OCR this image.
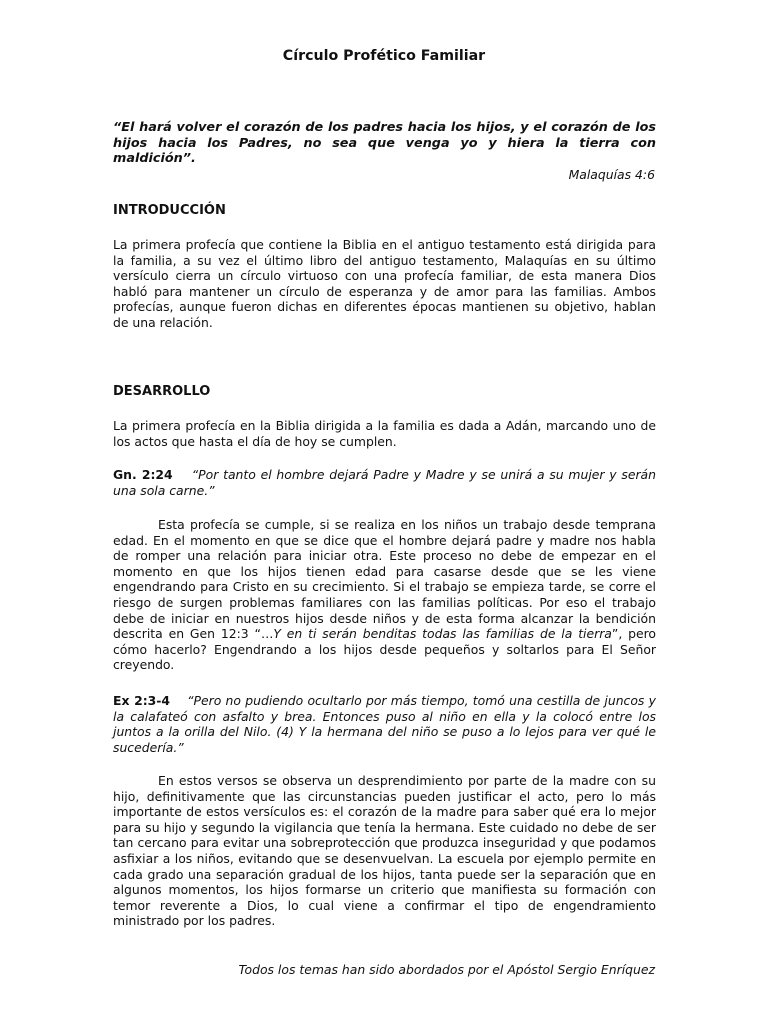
Círculo Profético Familiar
“El hará volver el corazón de los padres hacia los hijos, y el corazón de los hijos hacia los Padres, no sea que venga yo y hiera la tierra con maldición”.
Malaquías 4:6
INTRODUCCIÓN

La primera profecía que contiene la Biblia en el antiguo testamento está dirigida para la familia, a su vez el último libro del antiguo testamento, Malaquías en su último versículo cierra un círculo virtuoso con una profecía familiar, de esta manera Dios habló para mantener un círculo de esperanza y de amor para las familias. Ambos profecías, aunque fueron dichas en diferentes épocas mantienen su objetivo, hablan de una relación.

DESARROLLO

La primera profecía en la Biblia dirigida a la familia es dada a Adán, marcando uno de los actos que hasta el día de hoy se cumplen.

Gn. 2:24 “Por tanto el hombre dejará Padre y Madre y se unirá a su mujer y serán una sola carne.”

Esta profecía se cumple, si se realiza en los niños un trabajo desde temprana edad. En el momento en que se dice que el hombre dejará padre y madre nos habla de romper una relación para iniciar otra. Este proceso no debe de empezar en el momento en que los hijos tienen edad para casarse desde que se les viene engendrando para Cristo en su crecimiento. Si el trabajo se empieza tarde, se corre el riesgo de surgen problemas familiares con las familias políticas. Por eso el trabajo debe de iniciar en nuestros hijos desde niños y de esta forma alcanzar la bendición descrita en Gen 12:3 “…Y en ti serán benditas todas las familias de la tierra”, pero cómo hacerlo? Engendrando a los hijos desde pequeños y soltarlos para El Señor creyendo.

Ex 2:3-4 “Pero no pudiendo ocultarlo por más tiempo, tomó una cestilla de juncos y la calafateó con asfalto y brea. Entonces puso al niño en ella y la colocó entre los juntos a la orilla del Nilo. (4) Y la hermana del niño se puso a lo lejos para ver qué le sucedería.”

En estos versos se observa un desprendimiento por parte de la madre con su hijo, definitivamente que las circunstancias pueden justificar el acto, pero lo más importante de estos versículos es: el corazón de la madre para saber qué era lo mejor para su hijo y segundo la vigilancia que tenía la hermana. Este cuidado no debe de ser tan cercano para evitar una sobreprotección que produzca inseguridad y que podamos asfixiar a los niños, evitando que se desenvuelvan. La escuela por ejemplo permite en cada grado una separación gradual de los hijos, tanta puede ser la separación que en algunos momentos, los hijos formarse un criterio que manifiesta su formación con temor reverente a Dios, lo cual viene a confirmar el tipo de engendramiento ministrado por los padres.

Todos los temas han sido abordados por el Apóstol Sergio Enríquez
